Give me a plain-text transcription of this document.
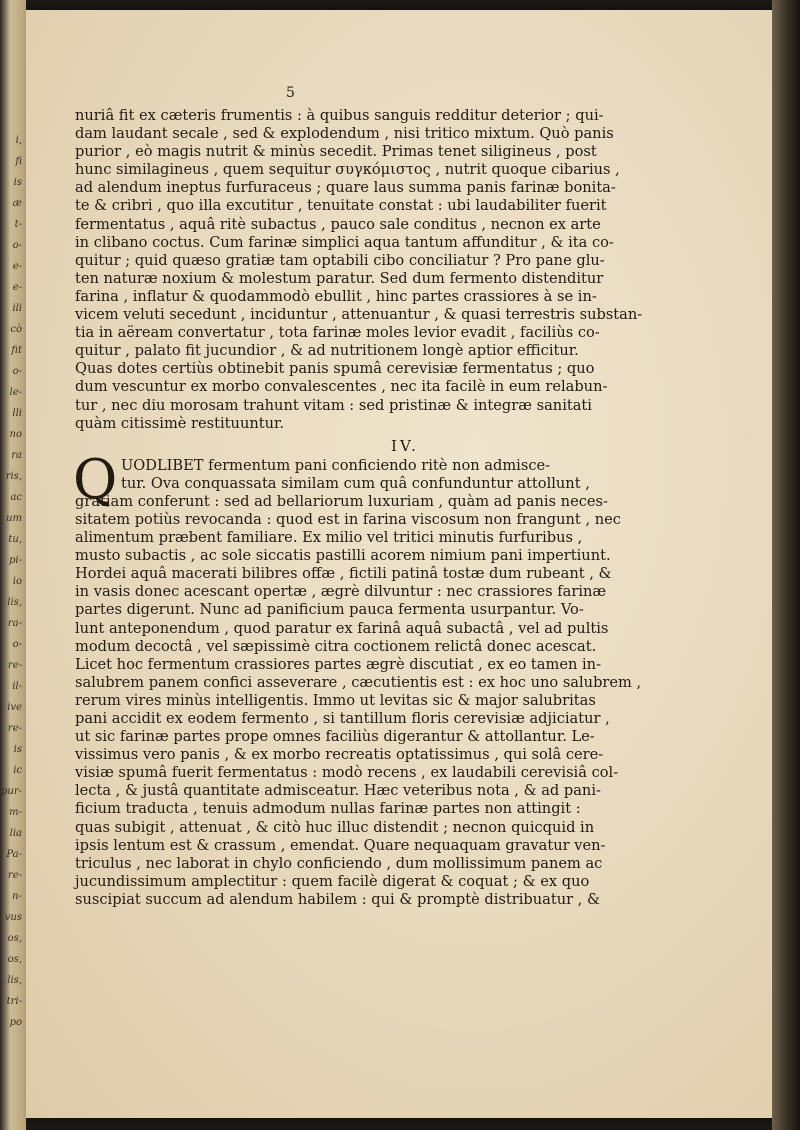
i,
fi
is
æ
t-
o-
e-
e-
ili
cò
fit
o-
le-
lli
no
ra
ris,
ac
um
tu,
pi-
io
lis,
ra-
o-
re-
il-
ive
re-
is
ic
pur-
m-
lia
Pa-
re-
n-
vus
os,
os,
lis,
tri-
po
5
nuriâ fit ex cæteris frumentis : à quibus sanguis redditur deterior ; qui-
dam laudant secale , sed & explodendum , nisi tritico mixtum. Quò panis
purior , eò magis nutrit & minùs secedit. Primas tenet siligineus , post
hunc similagineus , quem sequitur συγκόμιστος , nutrit quoque cibarius ,
ad alendum ineptus furfuraceus ; quare laus summa panis farinæ bonita-
te & cribri , quo illa excutitur , tenuitate constat : ubi laudabiliter fuerit
fermentatus , aquâ ritè subactus , pauco sale conditus , necnon ex arte
in clibano coctus. Cum farinæ simplici aqua tantum affunditur , & ita co-
quitur ; quid quæso gratiæ tam optabili cibo conciliatur ? Pro pane glu-
ten naturæ noxium & molestum paratur. Sed dum fermento distenditur
farina , inflatur & quodammodò ebullit , hinc partes crassiores à se in-
vicem veluti secedunt , inciduntur , attenuantur , & quasi terrestris substan-
tia in aëream convertatur , tota farinæ moles levior evadit , faciliùs co-
quitur , palato fit jucundior , & ad nutritionem longè aptior efficitur.
Quas dotes certiùs obtinebit panis spumâ cerevisiæ fermentatus ; quo
dum vescuntur ex morbo convalescentes , nec ita facilè in eum relabun-
tur , nec diu morosam trahunt vitam : sed pristinæ & integræ sanitati
quàm citissimè restituuntur.
IV.
Q UODLIBET fermentum pani conficiendo ritè non admisce-
tur. Ova conquassata similam cum quâ confunduntur attollunt ,
gratiam conferunt : sed ad bellariorum luxuriam , quàm ad panis neces-
sitatem potiùs revocanda : quod est in farina viscosum non frangunt , nec
alimentum præbent familiare. Ex milio vel tritici minutis furfuribus ,
musto subactis , ac sole siccatis pastilli acorem nimium pani impertiunt.
Hordei aquâ macerati bilibres offæ , fictili patinâ tostæ dum rubeant , &
in vasis donec acescant opertæ , ægrè dilvuntur : nec crassiores farinæ
partes digerunt. Nunc ad panificium pauca fermenta usurpantur. Vo-
lunt anteponendum , quod paratur ex farinâ aquâ subactâ , vel ad pultis
modum decoctâ , vel sæpissimè citra coctionem relictâ donec acescat.
Licet hoc fermentum crassiores partes ægrè discutiat , ex eo tamen in-
salubrem panem confici asseverare , cæcutientis est : ex hoc uno salubrem ,
rerum vires minùs intelligentis. Immo ut levitas sic & major salubritas
pani accidit ex eodem fermento , si tantillum floris cerevisiæ adjiciatur ,
ut sic farinæ partes prope omnes faciliùs digerantur & attollantur. Le-
vissimus vero panis , & ex morbo recreatis optatissimus , qui solâ cere-
visiæ spumâ fuerit fermentatus : modò recens , ex laudabili cerevisiâ col-
lecta , & justâ quantitate admisceatur. Hæc veteribus nota , & ad pani-
ficium traducta , tenuis admodum nullas farinæ partes non attingit :
quas subigit , attenuat , & citò huc illuc distendit ; necnon quicquid in
ipsis lentum est & crassum , emendat. Quare nequaquam gravatur ven-
triculus , nec laborat in chylo conficiendo , dum mollissimum panem ac
jucundissimum amplectitur : quem facilè digerat & coquat ; & ex quo
suscipiat succum ad alendum habilem : qui & promptè distribuatur , &
